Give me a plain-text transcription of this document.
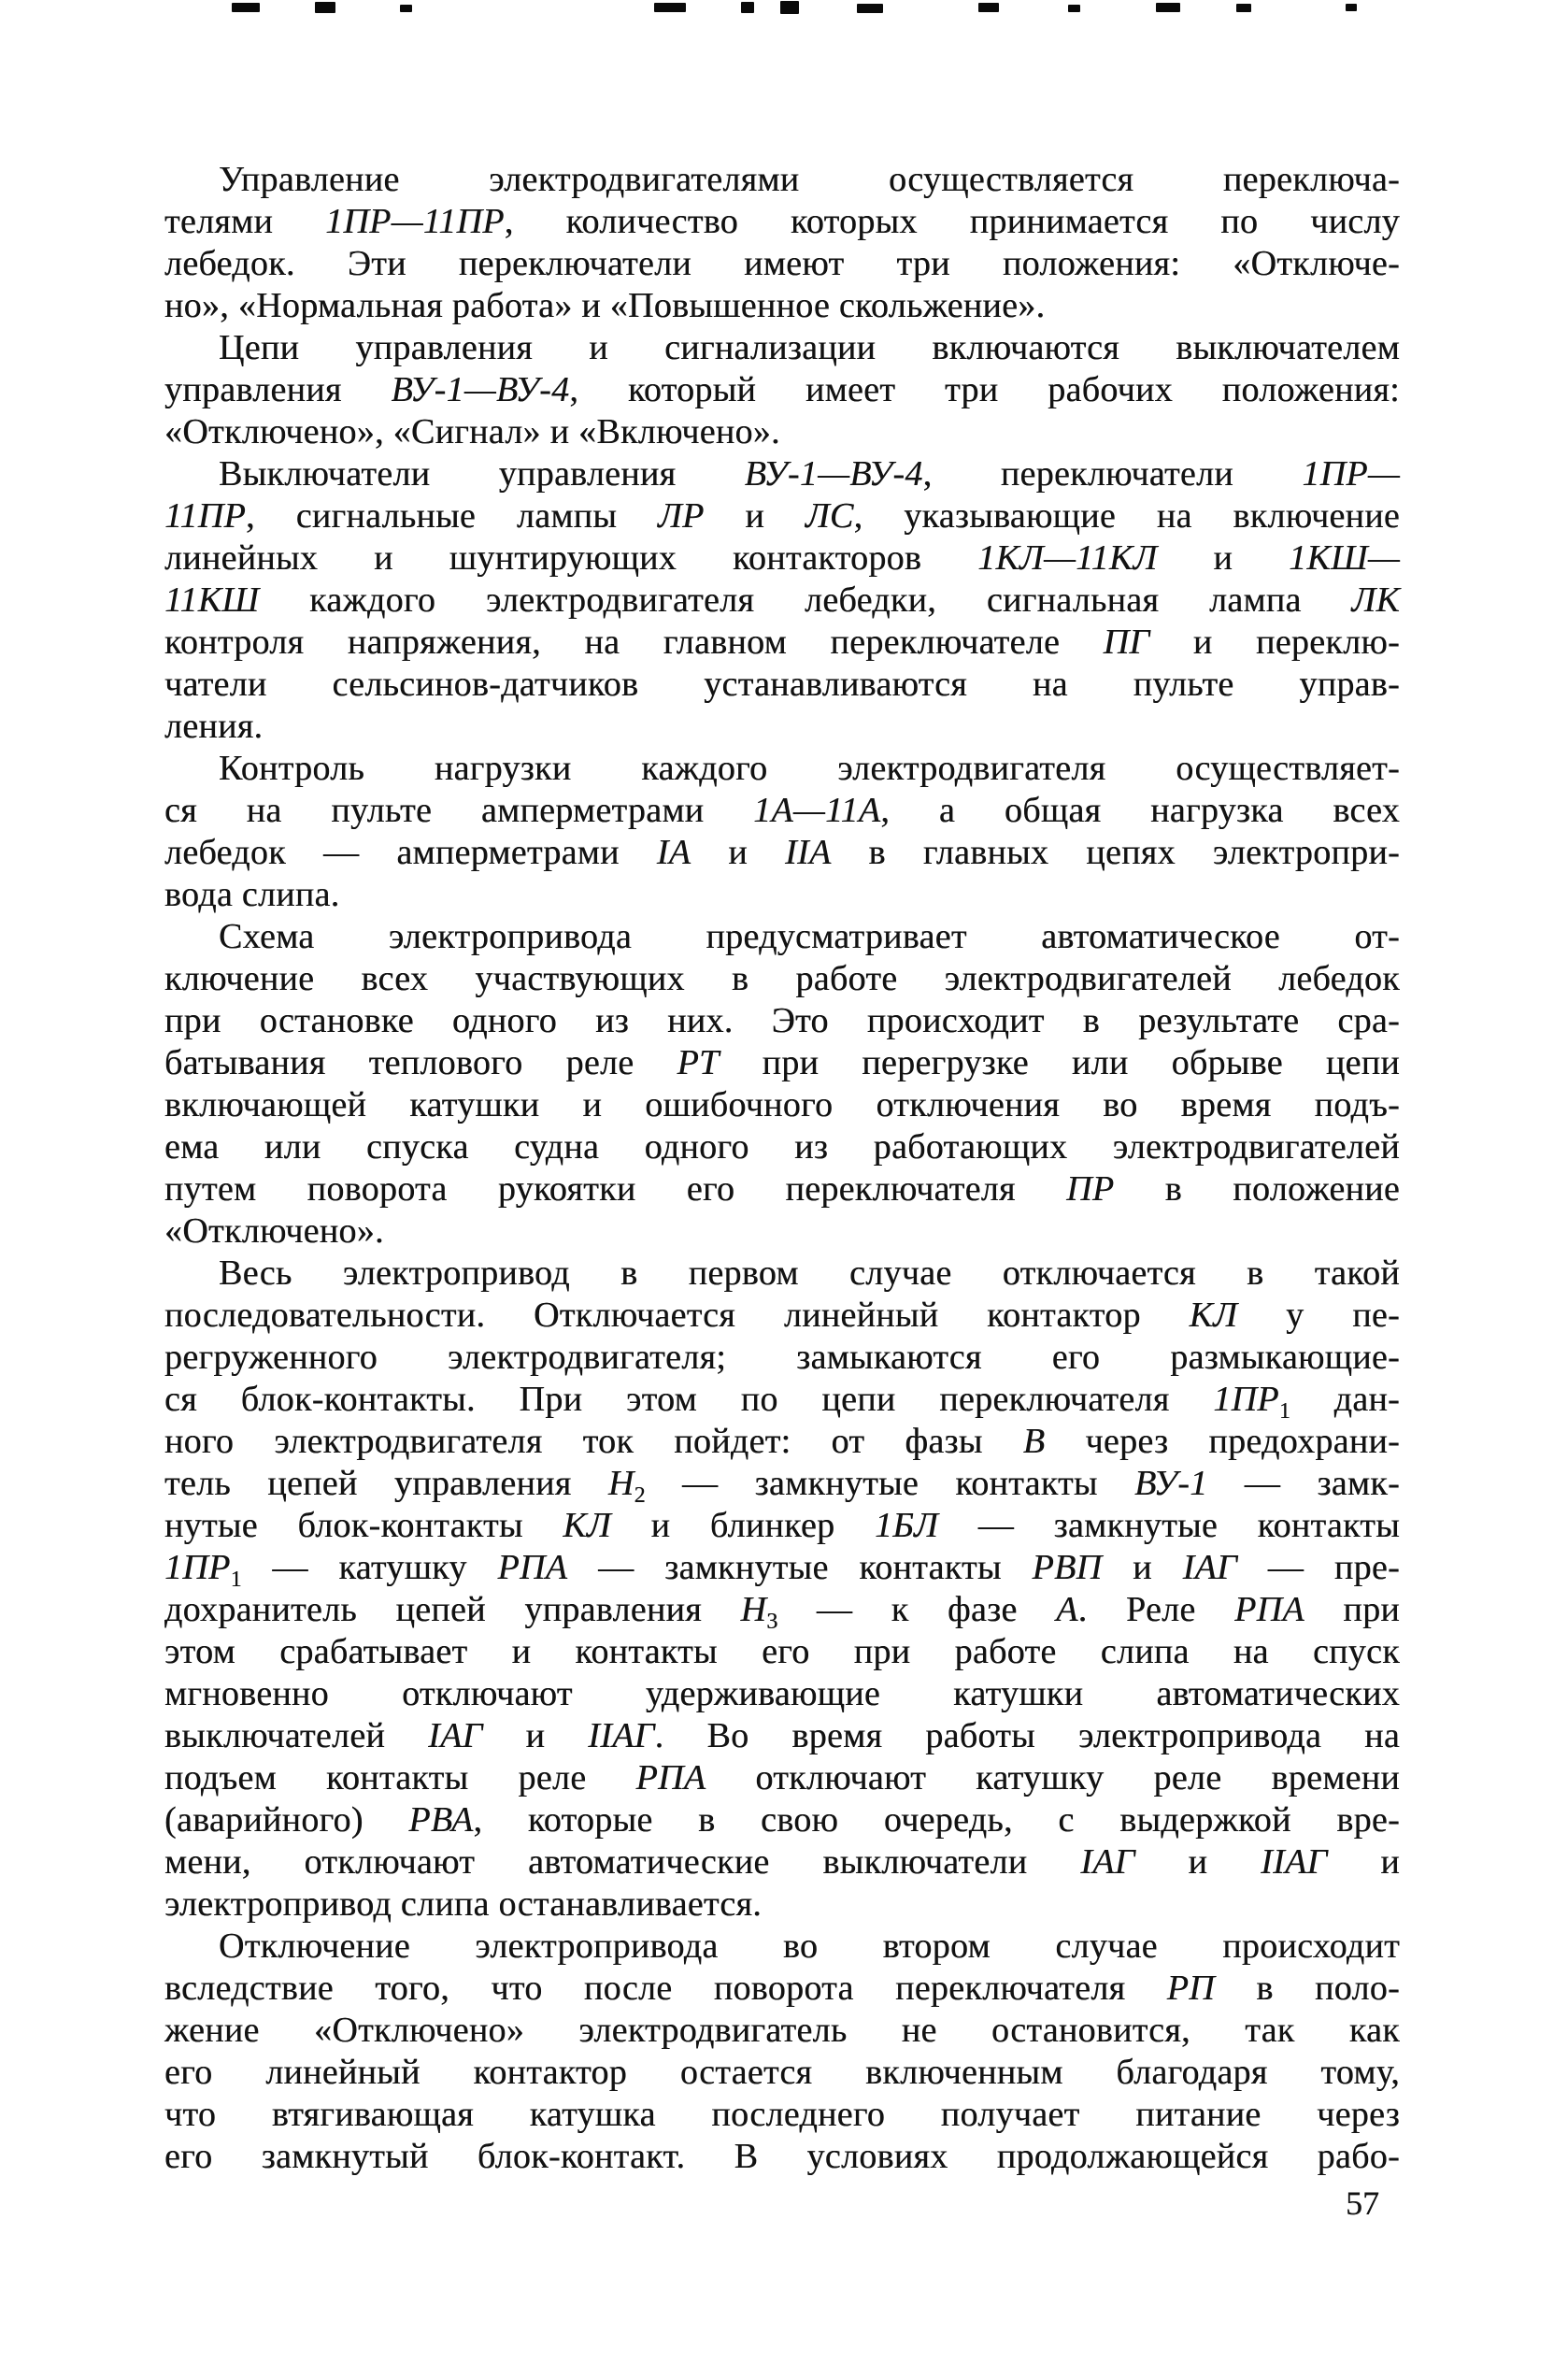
Управление электродвигателями осуществляется переключа-
телями 1ПР—11ПР, количество которых принимается по числу
лебедок. Эти переключатели имеют три положения: «Отключе-
но», «Нормальная работа» и «Повышенное скольжение».
Цепи управления и сигнализации включаются выключателем
управления ВУ-1—ВУ-4, который имеет три рабочих положения:
«Отключено», «Сигнал» и «Включено».
Выключатели управления ВУ-1—ВУ-4, переключатели 1ПР—
11ПР, сигнальные лампы ЛР и ЛС, указывающие на включение
линейных и шунтирующих контакторов 1КЛ—11КЛ и 1КШ—
11КШ каждого электродвигателя лебедки, сигнальная лампа ЛК
контроля напряжения, на главном переключателе ПГ и переклю-
чатели сельсинов-датчиков устанавливаются на пульте управ-
ления.
Контроль нагрузки каждого электродвигателя осуществляет-
ся на пульте амперметрами 1А—11А, а общая нагрузка всех
лебедок — амперметрами IА и IIА в главных цепях электропри-
вода слипа.
Схема электропривода предусматривает автоматическое от-
ключение всех участвующих в работе электродвигателей лебедок
при остановке одного из них. Это происходит в результате сра-
батывания теплового реле РТ при перегрузке или обрыве цепи
включающей катушки и ошибочного отключения во время подъ-
ема или спуска судна одного из работающих электродвигателей
путем поворота рукоятки его переключателя ПР в положение
«Отключено».
Весь электропривод в первом случае отключается в такой
последовательности. Отключается линейный контактор КЛ у пе-
регруженного электродвигателя; замыкаются его размыкающие-
ся блок-контакты. При этом по цепи переключателя $1ПР_1$ дан-
ного электродвигателя ток пойдет: от фазы В через предохрани-
тель цепей управления $Н_2$ — замкнутые контакты ВУ-1 — замк-
нутые блок-контакты КЛ и блинкер 1БЛ — замкнутые контакты
$1ПР_1$ — катушку РПА — замкнутые контакты РВП и IАГ — пре-
дохранитель цепей управления $Н_3$ — к фазе А. Реле РПА при
этом срабатывает и контакты его при работе слипа на спуск
мгновенно отключают удерживающие катушки автоматических
выключателей IАГ и IIАГ. Во время работы электропривода на
подъем контакты реле РПА отключают катушку реле времени
(аварийного) РВА, которые в свою очередь, с выдержкой вре-
мени, отключают автоматические выключатели IАГ и IIАГ и
электропривод слипа останавливается.
Отключение электропривода во втором случае происходит
вследствие того, что после поворота переключателя РП в поло-
жение «Отключено» электродвигатель не остановится, так как
его линейный контактор остается включенным благодаря тому,
что втягивающая катушка последнего получает питание через
его замкнутый блок-контакт. В условиях продолжающейся рабо-
57
